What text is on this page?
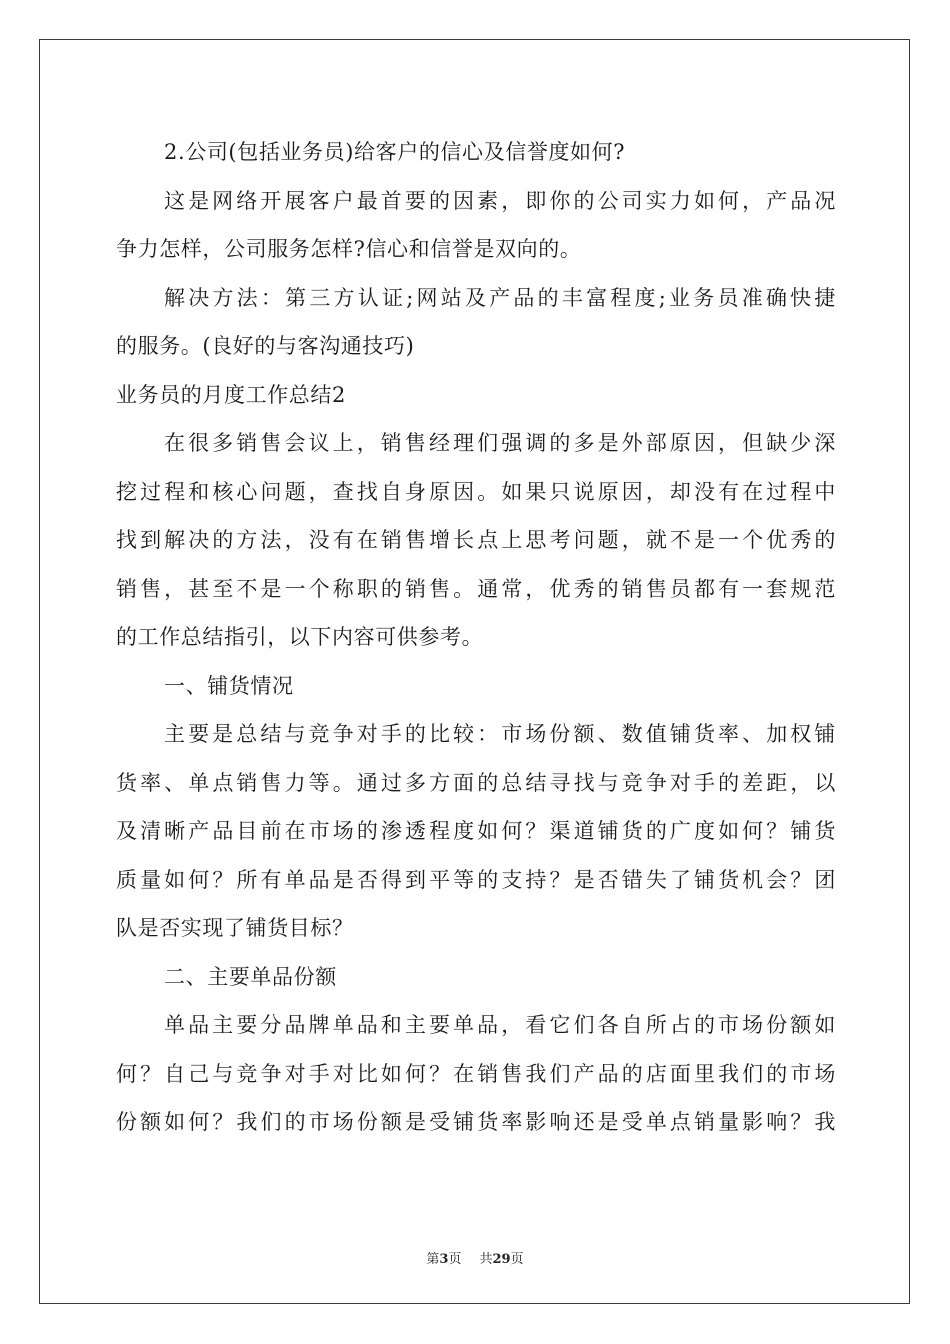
2.公司(包括业务员)给客户的信心及信誉度如何?
这是网络开展客户最首要的因素，即你的公司实力如何，产品况
争力怎样，公司服务怎样?信心和信誉是双向的。
解决方法：第三方认证;网站及产品的丰富程度;业务员准确快捷
的服务。(良好的与客沟通技巧)
业务员的月度工作总结2
在很多销售会议上，销售经理们强调的多是外部原因，但缺少深
挖过程和核心问题，查找自身原因。如果只说原因，却没有在过程中
找到解决的方法，没有在销售增长点上思考问题，就不是一个优秀的
销售，甚至不是一个称职的销售。通常，优秀的销售员都有一套规范
的工作总结指引，以下内容可供参考。
一、铺货情况
主要是总结与竞争对手的比较：市场份额、数值铺货率、加权铺
货率、单点销售力等。通过多方面的总结寻找与竞争对手的差距，以
及清晰产品目前在市场的渗透程度如何？渠道铺货的广度如何？铺货
质量如何？所有单品是否得到平等的支持？是否错失了铺货机会？团
队是否实现了铺货目标？
二、主要单品份额
单品主要分品牌单品和主要单品，看它们各自所占的市场份额如
何？自己与竞争对手对比如何？在销售我们产品的店面里我们的市场
份额如何？我们的市场份额是受铺货率影响还是受单点销量影响？我
第3页 共29页
